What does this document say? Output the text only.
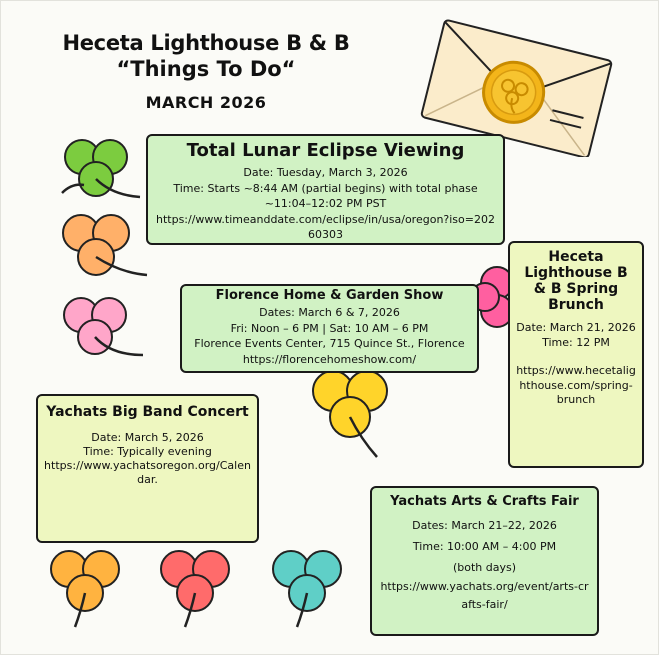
Heceta Lighthouse B & B
“Things To Do“
MARCH 2026
Total Lunar Eclipse Viewing
Date: Tuesday, March 3, 2026
Time: Starts ~8:44 AM (partial begins) with total phase ~11:04–12:02 PM PST
https://www.timeanddate.com/eclipse/in/usa/oregon?iso=20260303
Florence Home & Garden Show
Dates: March 6 & 7, 2026
Fri: Noon – 6 PM | Sat: 10 AM – 6 PM
Florence Events Center, 715 Quince St., Florence
https://florencehomeshow.com/
Heceta Lighthouse B & B Spring Brunch
Date: March 21, 2026
Time: 12 PM
https://www.hecetalighthouse.com/spring-brunch
Yachats Big Band Concert
Date: March 5, 2026
Time: Typically evening
https://www.yachatsoregon.org/Calendar.
Yachats Arts & Crafts Fair
Dates: March 21–22, 2026
Time: 10:00 AM – 4:00 PM
(both days)
https://www.yachats.org/event/arts-crafts-fair/
